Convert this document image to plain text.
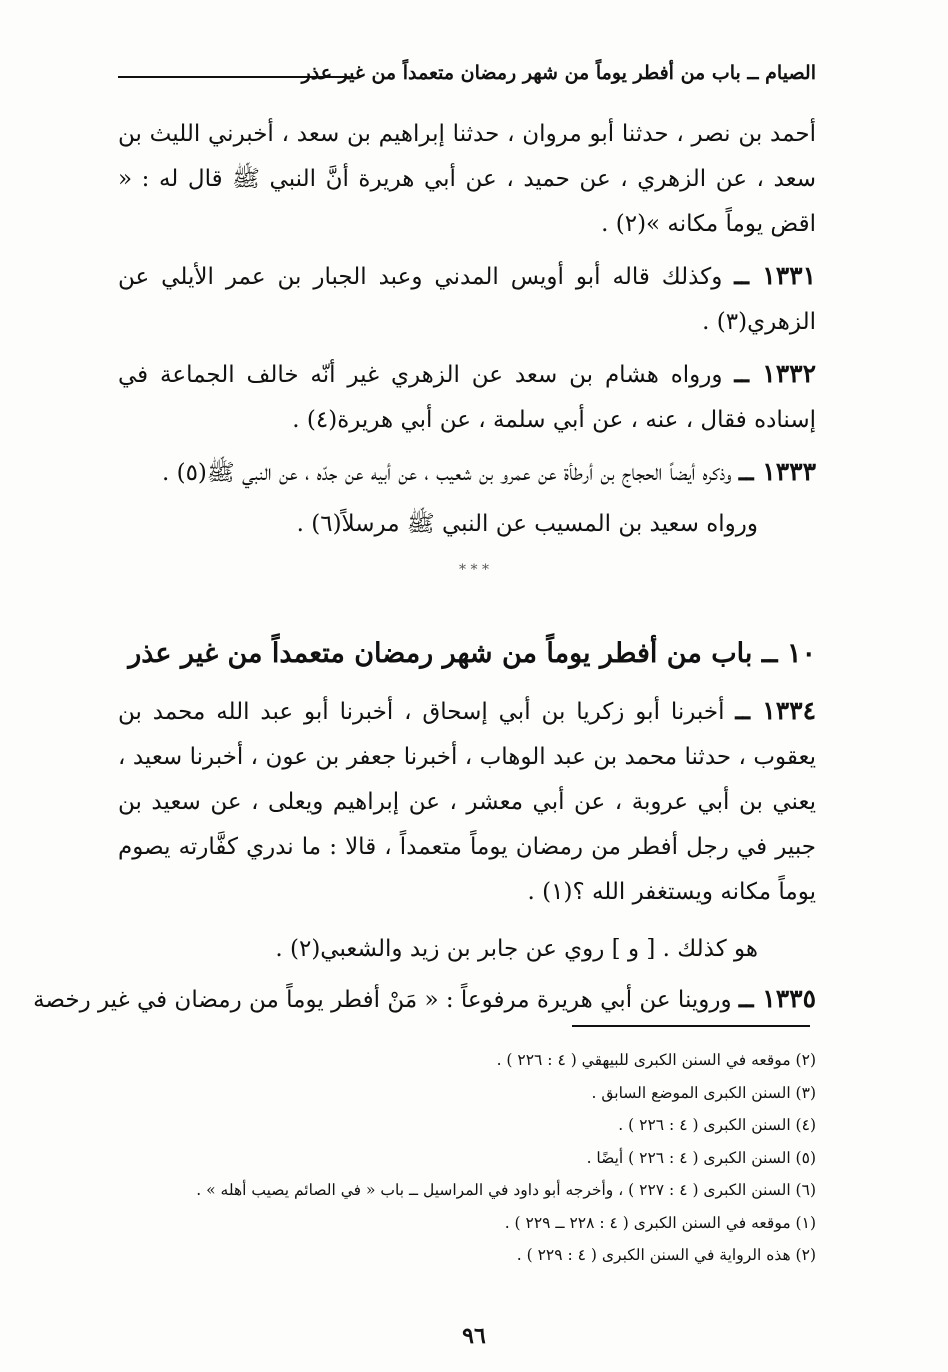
الصيام ــ باب من أفطر يوماً من شهر رمضان متعمداً من غير عذر

أحمد بن نصر ، حدثنا أبو مروان ، حدثنا إبراهيم بن سعد ، أخبرني الليث بن سعد ، عن الزهري ، عن حميد ، عن أبي هريرة أنَّ النبي ﷺ قال له : « اقض يوماً مكانه »(٢) .

١٣٣١ ــ وكذلك قاله أبو أويس المدني وعبد الجبار بن عمر الأيلي عن الزهري(٣) .

١٣٣٢ ــ ورواه هشام بن سعد عن الزهري غير أنّه خالف الجماعة في إسناده فقال ، عنه ، عن أبي سلمة ، عن أبي هريرة(٤) .

١٣٣٣ ــ وذكره أيضاً الحجاج بن أرطأة عن عمرو بن شعيب ، عن أبيه عن جدّه ، عن النبي ﷺ(٥) .

ورواه سعيد بن المسيب عن النبي ﷺ مرسلاً(٦) .

* * *
١٠ ــ باب من أفطر يوماً من شهر رمضان متعمداً من غير عذر

١٣٣٤ ــ أخبرنا أبو زكريا بن أبي إسحاق ، أخبرنا أبو عبد الله محمد بن يعقوب ، حدثنا محمد بن عبد الوهاب ، أخبرنا جعفر بن عون ، أخبرنا سعيد ، يعني بن أبي عروبة ، عن أبي معشر ، عن إبراهيم ويعلى ، عن سعيد بن جبير في رجل أفطر من رمضان يوماً متعمداً ، قالا : ما ندري كفَّارته يصوم يوماً مكانه ويستغفر الله ؟(١) .

هو كذلك . [ و ] روي عن جابر بن زيد والشعبي(٢) .

١٣٣٥ ــ وروينا عن أبي هريرة مرفوعاً : « مَنْ أفطر يوماً من رمضان في غير رخصة

(٢) موقعه في السنن الكبرى للبيهقي ( ٤ : ٢٢٦ ) .
(٣) السنن الكبرى الموضع السابق .
(٤) السنن الكبرى ( ٤ : ٢٢٦ ) .
(٥) السنن الكبرى ( ٤ : ٢٢٦ ) أيضًا .
(٦) السنن الكبرى ( ٤ : ٢٢٧ ) ، وأخرجه أبو داود في المراسيل ــ باب « في الصائم يصيب أهله » .
(١) موقعه في السنن الكبرى ( ٤ : ٢٢٨ ــ ٢٢٩ ) .
(٢) هذه الرواية في السنن الكبرى ( ٤ : ٢٢٩ ) .
٩٦
